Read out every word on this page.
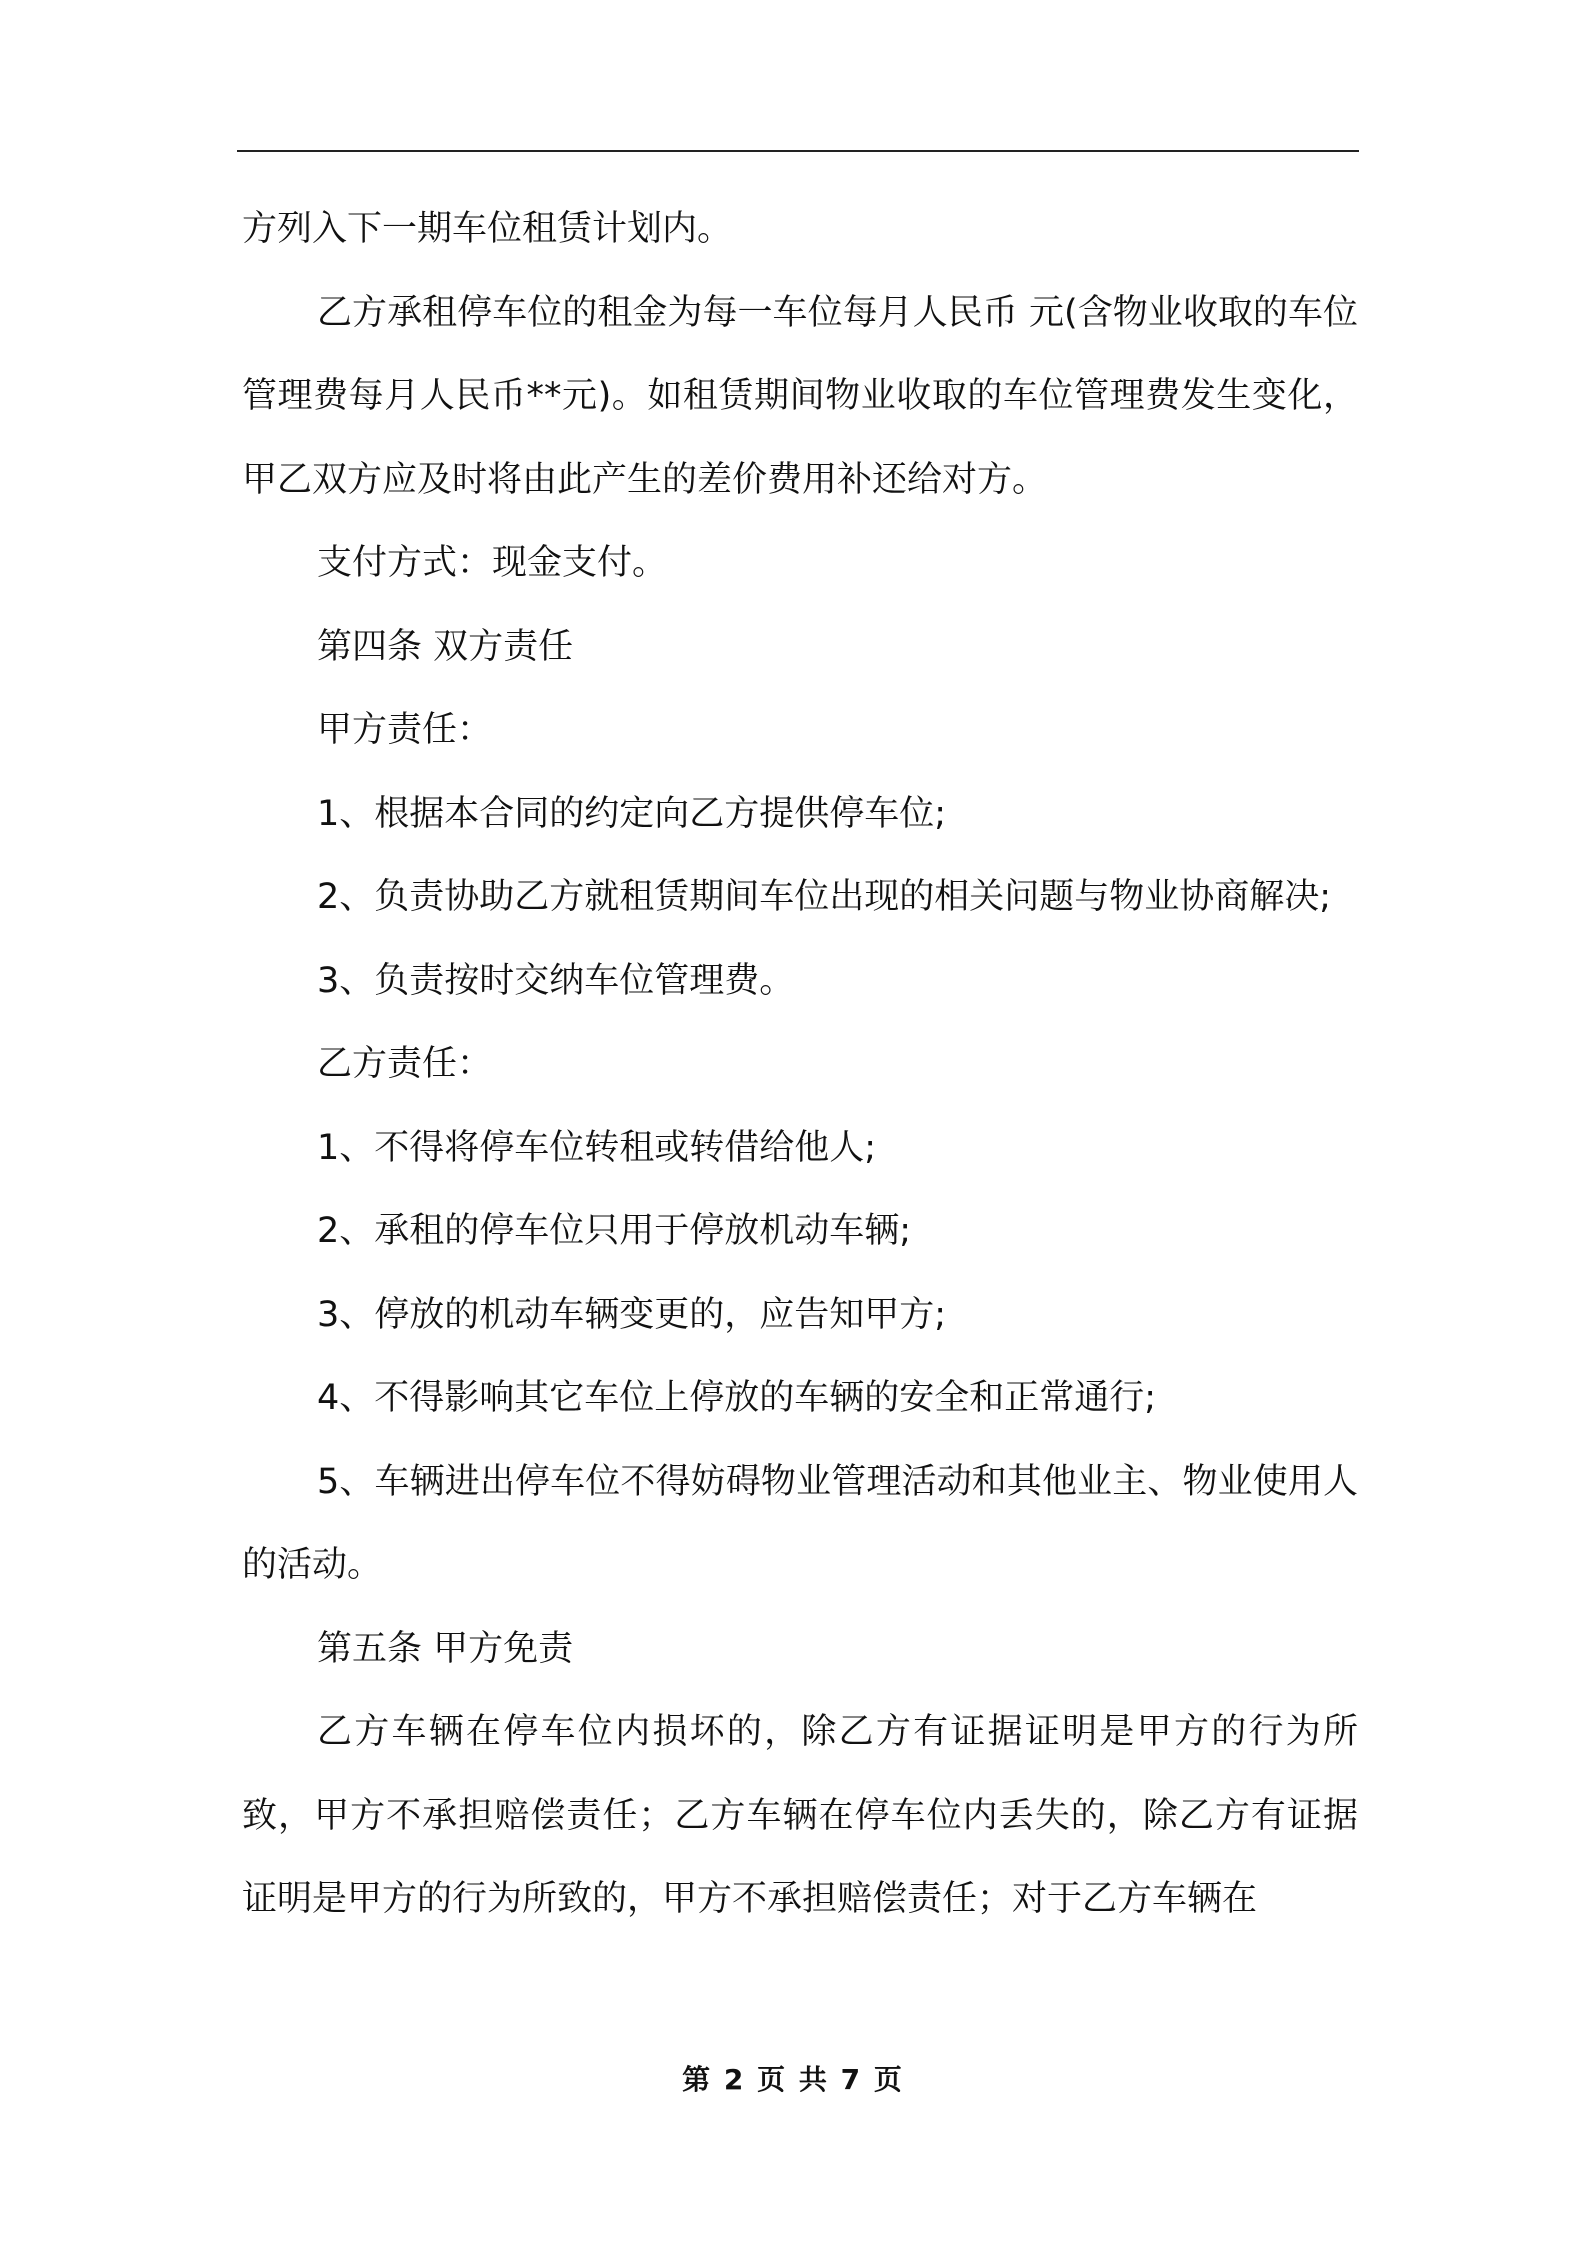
方列入下一期车位租赁计划内。

乙方承租停车位的租金为每一车位每月人民币 元(含物业收取的车位管理费每月人民币**元)。如租赁期间物业收取的车位管理费发生变化，甲乙双方应及时将由此产生的差价费用补还给对方。

支付方式：现金支付。

第四条 双方责任

甲方责任：

1、根据本合同的约定向乙方提供停车位;

2、负责协助乙方就租赁期间车位出现的相关问题与物业协商解决;

3、负责按时交纳车位管理费。

乙方责任：

1、不得将停车位转租或转借给他人;

2、承租的停车位只用于停放机动车辆;

3、停放的机动车辆变更的，应告知甲方;

4、不得影响其它车位上停放的车辆的安全和正常通行;

5、车辆进出停车位不得妨碍物业管理活动和其他业主、物业使用人的活动。

第五条 甲方免责

乙方车辆在停车位内损坏的，除乙方有证据证明是甲方的行为所致，甲方不承担赔偿责任；乙方车辆在停车位内丢失的，除乙方有证据证明是甲方的行为所致的，甲方不承担赔偿责任；对于乙方车辆在

第 2 页 共 7 页
